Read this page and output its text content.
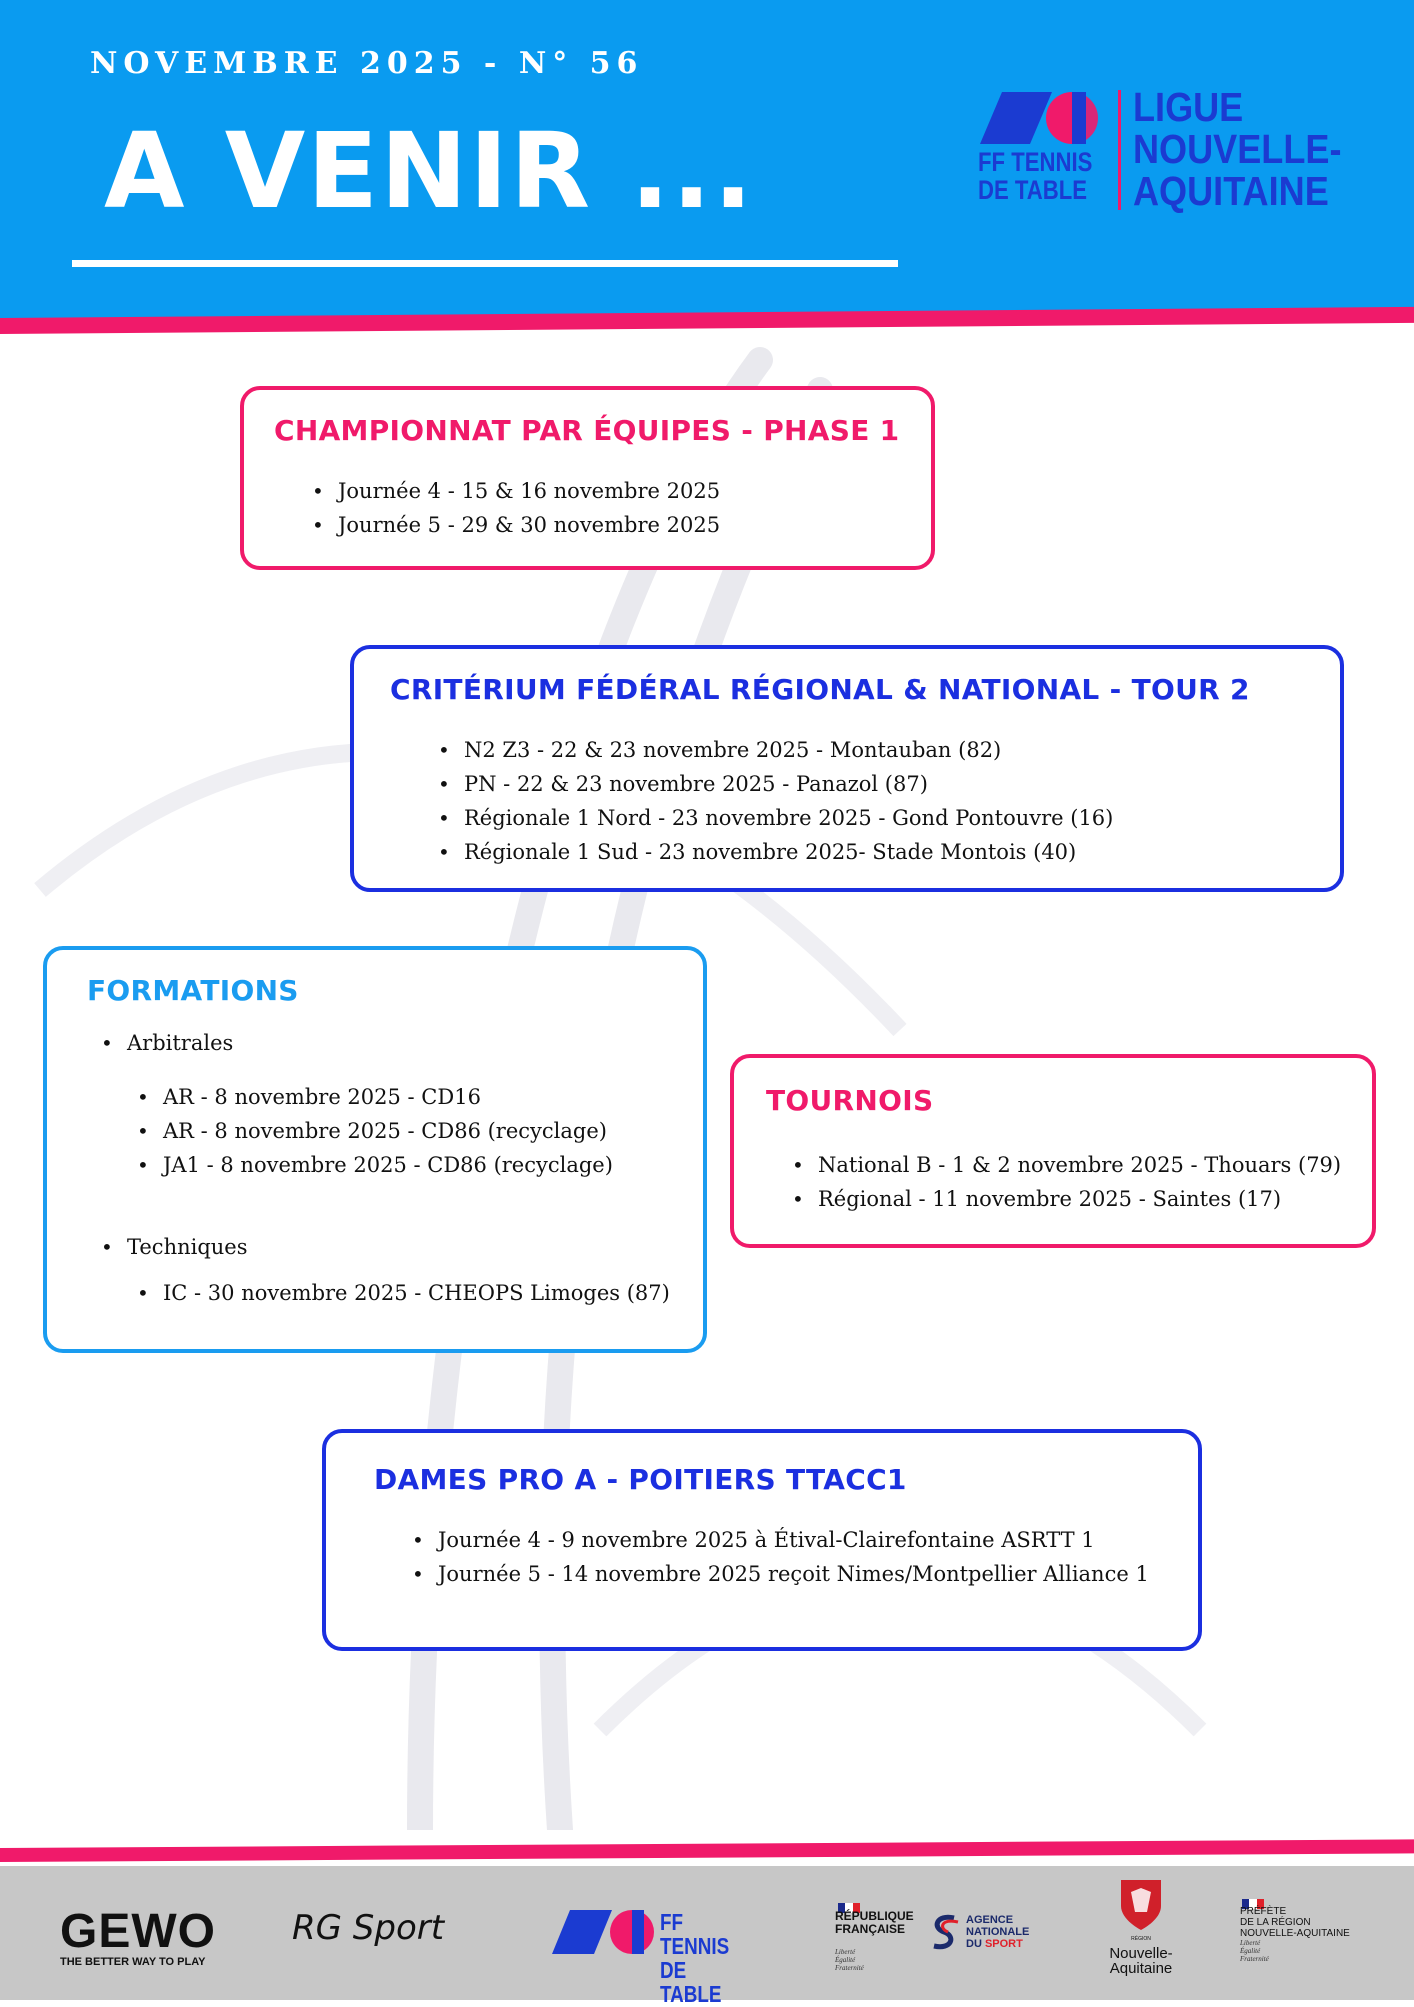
NOVEMBRE 2025 - N° 56
A VENIR ...	FF TENNIS
DE TABLE
LIGUE
NOUVELLE-
AQUITAINE
CHAMPIONNAT PAR ÉQUIPES - PHASE 1
• Journée 4 - 15 & 16 novembre 2025
• Journée 5 - 29 & 30 novembre 2025
CRITÉRIUM FÉDÉRAL RÉGIONAL & NATIONAL - TOUR 2
• N2 Z3 - 22 & 23 novembre 2025 - Montauban (82)
• PN - 22 & 23 novembre 2025 - Panazol (87)
• Régionale 1 Nord - 23 novembre 2025 - Gond Pontouvre (16)
• Régionale 1 Sud - 23 novembre 2025- Stade Montois (40)
FORMATIONS
• Arbitrales
• AR - 8 novembre 2025 - CD16
• AR - 8 novembre 2025 - CD86 (recyclage)
• JA1 - 8 novembre 2025 - CD86 (recyclage)
• Techniques
• IC - 30 novembre 2025 - CHEOPS Limoges (87)
TOURNOIS
• National B - 1 & 2 novembre 2025 - Thouars (79)
• Régional - 11 novembre 2025 - Saintes (17)
DAMES PRO A - POITIERS TTACC1
• Journée 4 - 9 novembre 2025 à Étival-Clairefontaine ASRTT 1
• Journée 5 - 14 novembre 2025 reçoit Nimes/Montpellier Alliance 1
GEWO
THE BETTER WAY TO PLAY
RG Sport	FF TENNIS
DE TABLE
RÉPUBLIQUE
FRANÇAISE
Liberté
Égalité
Fraternité
AGENCE
NATIONALE
DU SPORT	RÉGION
Nouvelle-
Aquitaine
PRÉFÈTE
DE LA RÉGION
NOUVELLE-AQUITAINE
Liberté
Égalité
Fraternité
